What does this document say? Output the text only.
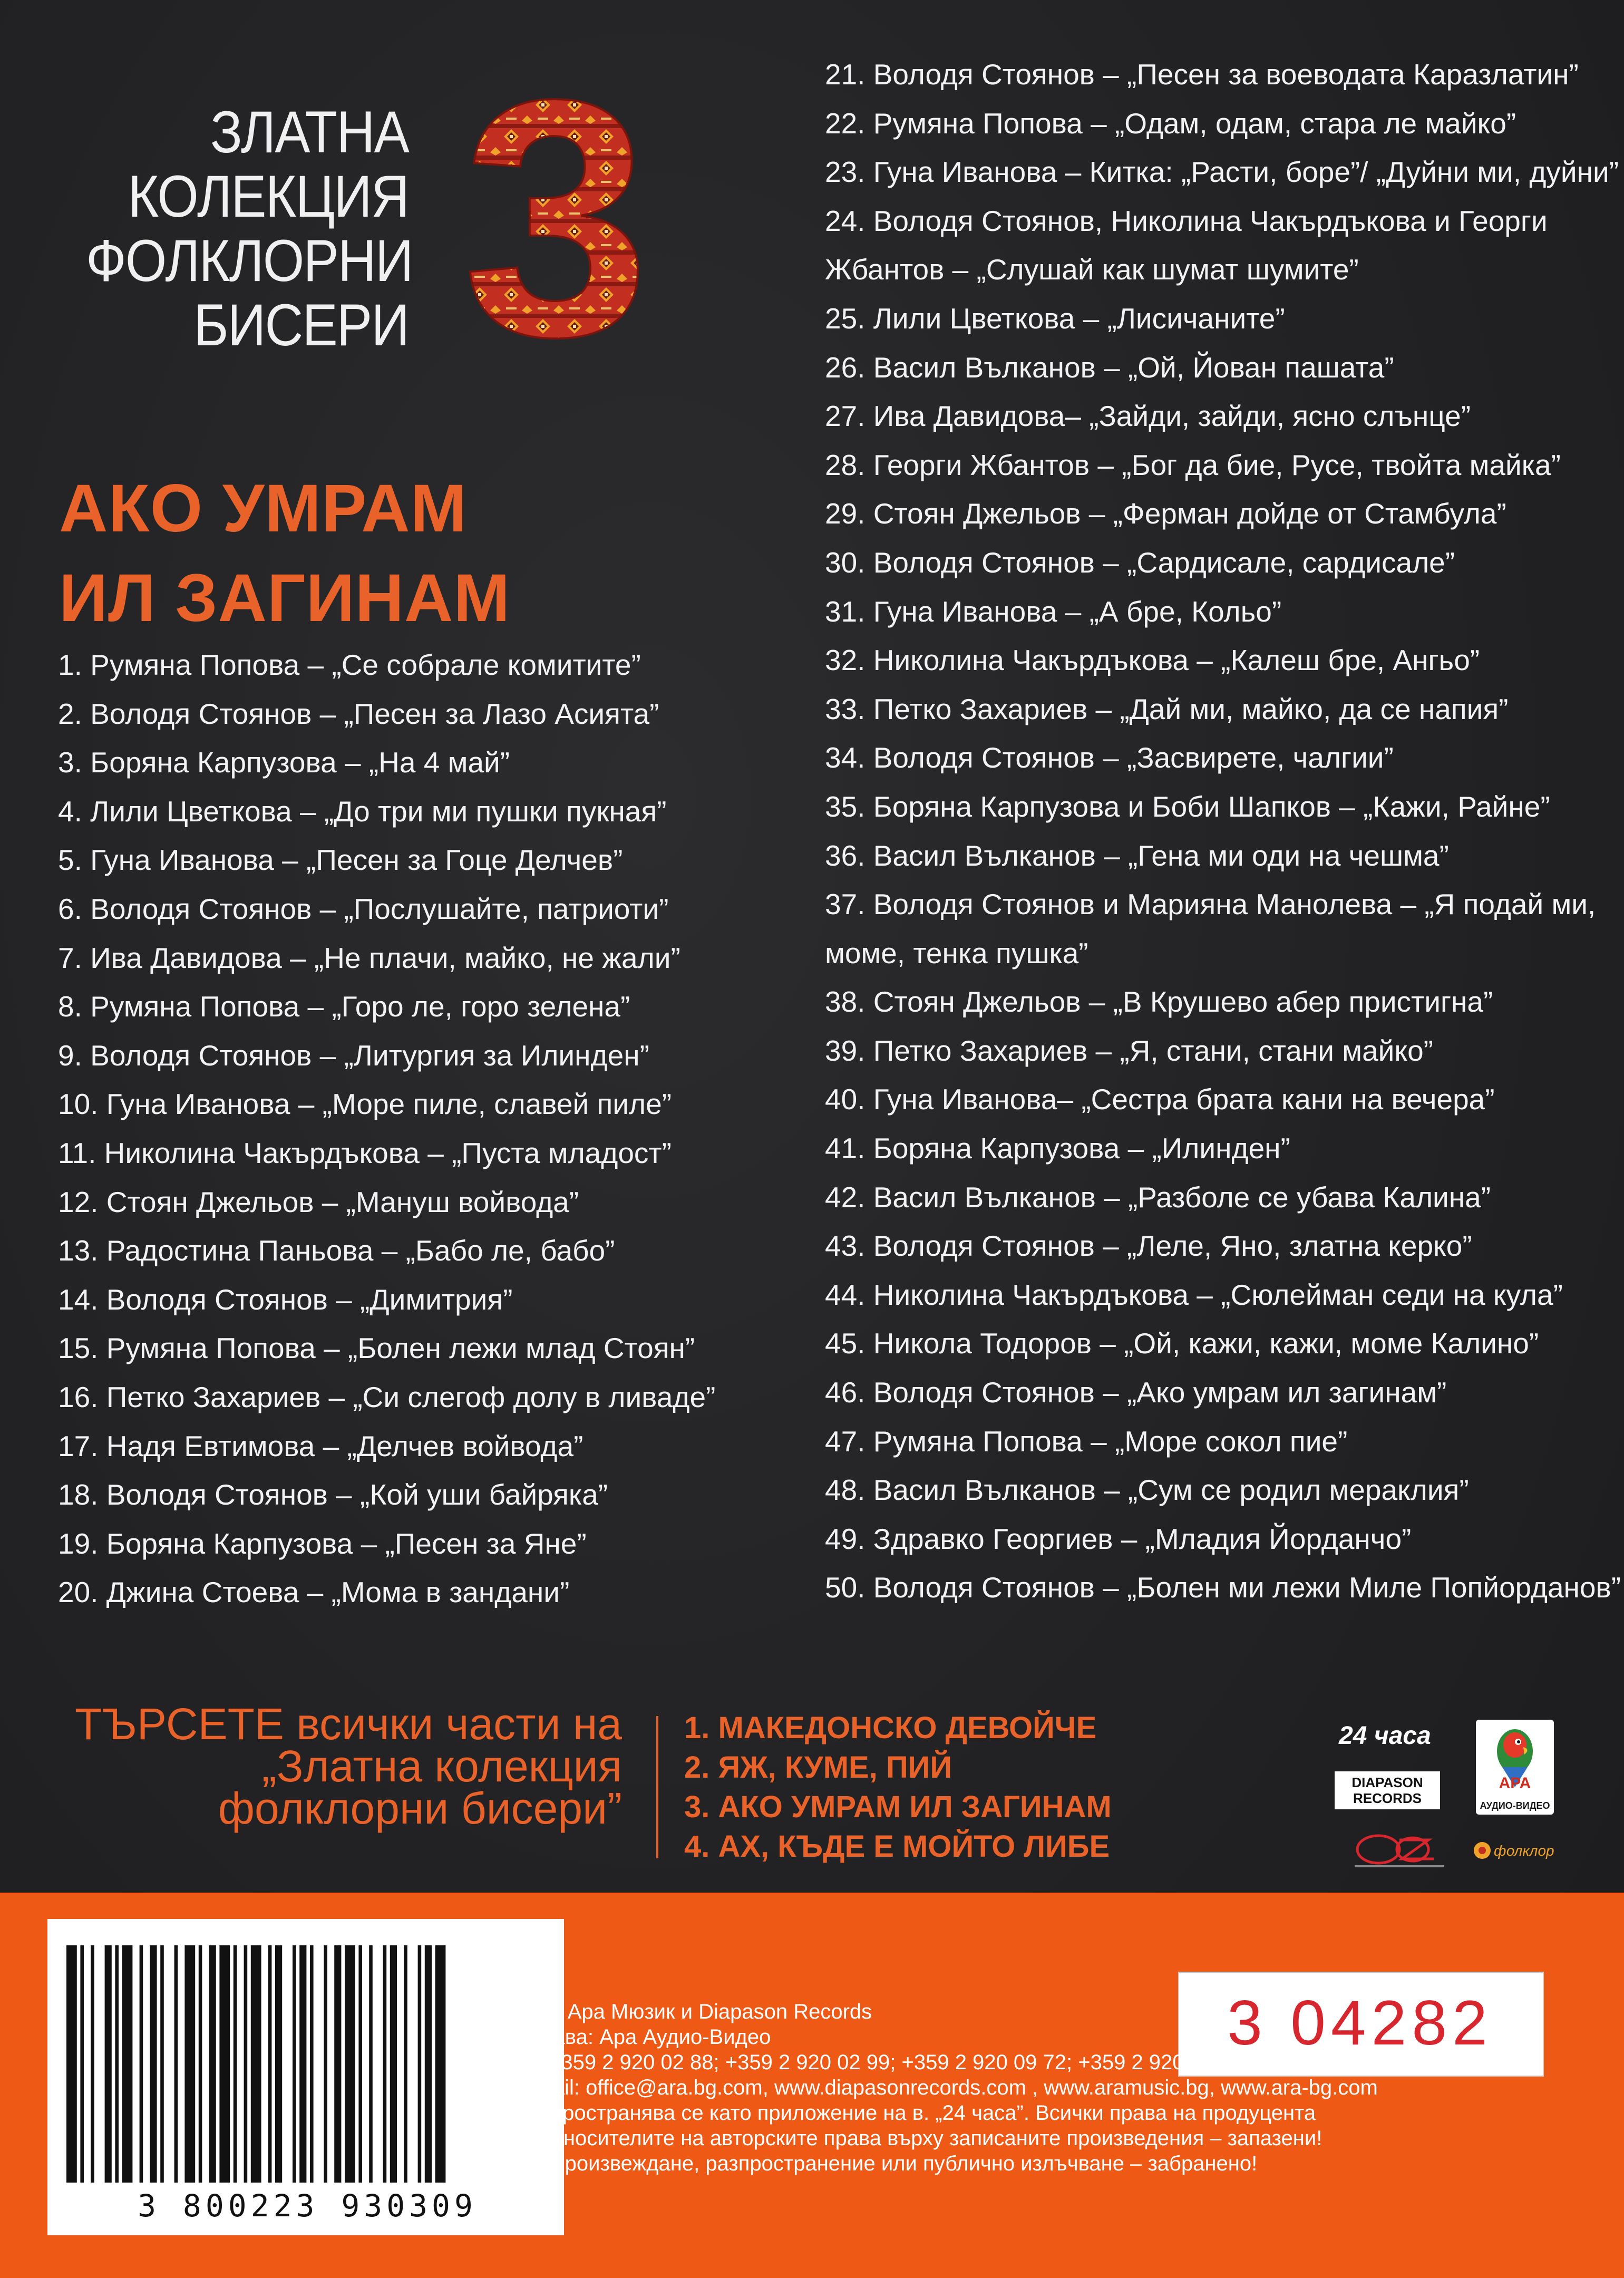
ЗЛАТНА
КОЛЕКЦИЯ
ФОЛКЛОРНИ
БИСЕРИ 3
АКО УМРАМ
ИЛ ЗАГИНАМ
1. Румяна Попова – „Се собрале комитите”
2. Володя Стоянов – „Песен за Лазо Асията”
3. Боряна Карпузова – „На 4 май”
4. Лили Цветкова – „До три ми пушки пукная”
5. Гуна Иванова – „Песен за Гоце Делчев”
6. Володя Стоянов – „Послушайте, патриоти”
7. Ива Давидова – „Не плачи, майко, не жали”
8. Румяна Попова – „Горо ле, горо зелена”
9. Володя Стоянов – „Литургия за Илинден”
10. Гуна Иванова – „Море пиле, славей пиле”
11. Николина Чакърдъкова – „Пуста младост”
12. Стоян Джельов – „Мануш войвода”
13. Радостина Паньова – „Бабо ле, бабо”
14. Володя Стоянов – „Димитрия”
15. Румяна Попова – „Болен лежи млад Стоян”
16. Петко Захариев – „Си слегоф долу в ливаде”
17. Надя Евтимова – „Делчев войвода”
18. Володя Стоянов – „Кой уши байряка”
19. Боряна Карпузова – „Песен за Яне”
20. Джина Стоева – „Мома в зандани”
21. Володя Стоянов – „Песен за воеводата Каразлатин”
22. Румяна Попова – „Одам, одам, стара ле майко”
23. Гуна Иванова – Китка: „Расти, боре”/ „Дуйни ми, дуйни”
24. Володя Стоянов, Николина Чакърдъкова и Георги
Жбантов – „Слушай как шумат шумите”
25. Лили Цветкова – „Лисичаните”
26. Васил Вълканов – „Ой, Йован пашата”
27. Ива Давидова– „Зайди, зайди, ясно слънце”
28. Георги Жбантов – „Бог да бие, Русе, твойта майка”
29. Стоян Джельов – „Ферман дойде от Стамбула”
30. Володя Стоянов – „Сардисале, сардисале”
31. Гуна Иванова – „А бре, Кольо”
32. Николина Чакърдъкова – „Калеш бре, Ангьо”
33. Петко Захариев – „Дай ми, майко, да се напия”
34. Володя Стоянов – „Засвирете, чалгии”
35. Боряна Карпузова и Боби Шапков – „Кажи, Райне”
36. Васил Вълканов – „Гена ми оди на чешма”
37. Володя Стоянов и Марияна Манолева – „Я подай ми,
моме, тенка пушка”
38. Стоян Джельов – „В Крушево абер пристигна”
39. Петко Захариев – „Я, стани, стани майко”
40. Гуна Иванова– „Сестра брата кани на вечера”
41. Боряна Карпузова – „Илинден”
42. Васил Вълканов – „Разболе се убава Калина”
43. Володя Стоянов – „Леле, Яно, златна керко”
44. Николина Чакърдъкова – „Сюлейман седи на кула”
45. Никола Тодоров – „Ой, кажи, кажи, моме Калино”
46. Володя Стоянов – „Ако умрам ил загинам”
47. Румяна Попова – „Море сокол пие”
48. Васил Вълканов – „Сум се родил мераклия”
49. Здравко Георгиев – „Младия Йорданчо”
50. Володя Стоянов – „Болен ми лежи Миле Попйорданов”
ТЪРСЕТЕ всички части на
„Златна колекция
фолклорни бисери”
1. МАКЕДОНСКО ДЕВОЙЧЕ
2. ЯЖ, КУМЕ, ПИЙ
3. АКО УМРАМ ИЛ ЗАГИНАМ
4. АХ, КЪДЕ Е МОЙТО ЛИБЕ
24 часа
АРА
АУДИО-ВИДЕО
DIAPASON
RECORDS
фолклор
3 800223 930309
3 04282
©&® Ара Мюзик и Diapason Records
Издава: Ара Аудио-Видео
тел. 359 2 920 02 88; +359 2 920 02 99; +359 2 920 09 72; +359 2 920 03 13
e-mail: office@ara.bg.com, www.diapasonrecords.com , www.aramusic.bg, www.ara-bg.com
Разпространява се като приложение на в. „24 часа”. Всички права на продуцента
и на носителите на авторските права върху записаните произведения – запазени!
Възпроизвеждане, разпространение или публично излъчване – забранено!
